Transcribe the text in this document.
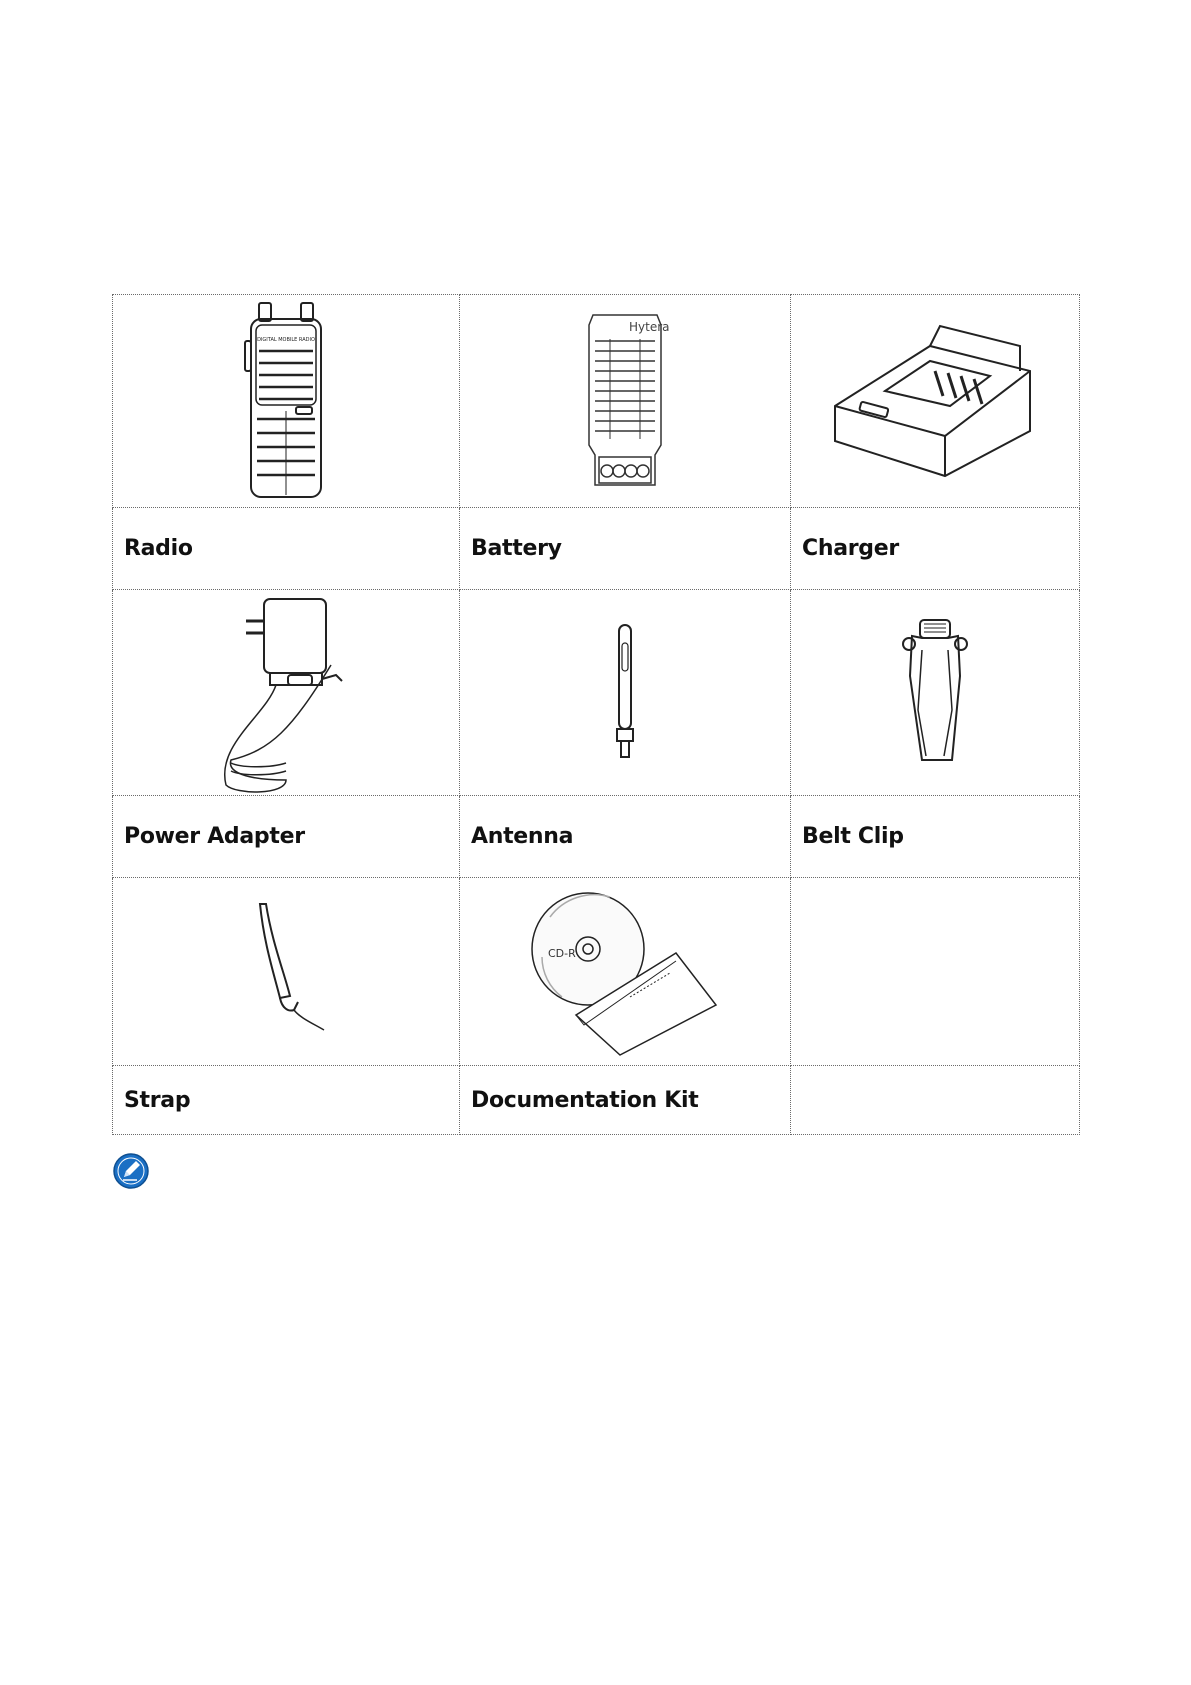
DIGITAL MOBILE RADIO	Hytera

Radio	Battery	Charger

Power Adapter	Antenna	Belt Clip

CD-R	

Strap	Documentation Kit	
